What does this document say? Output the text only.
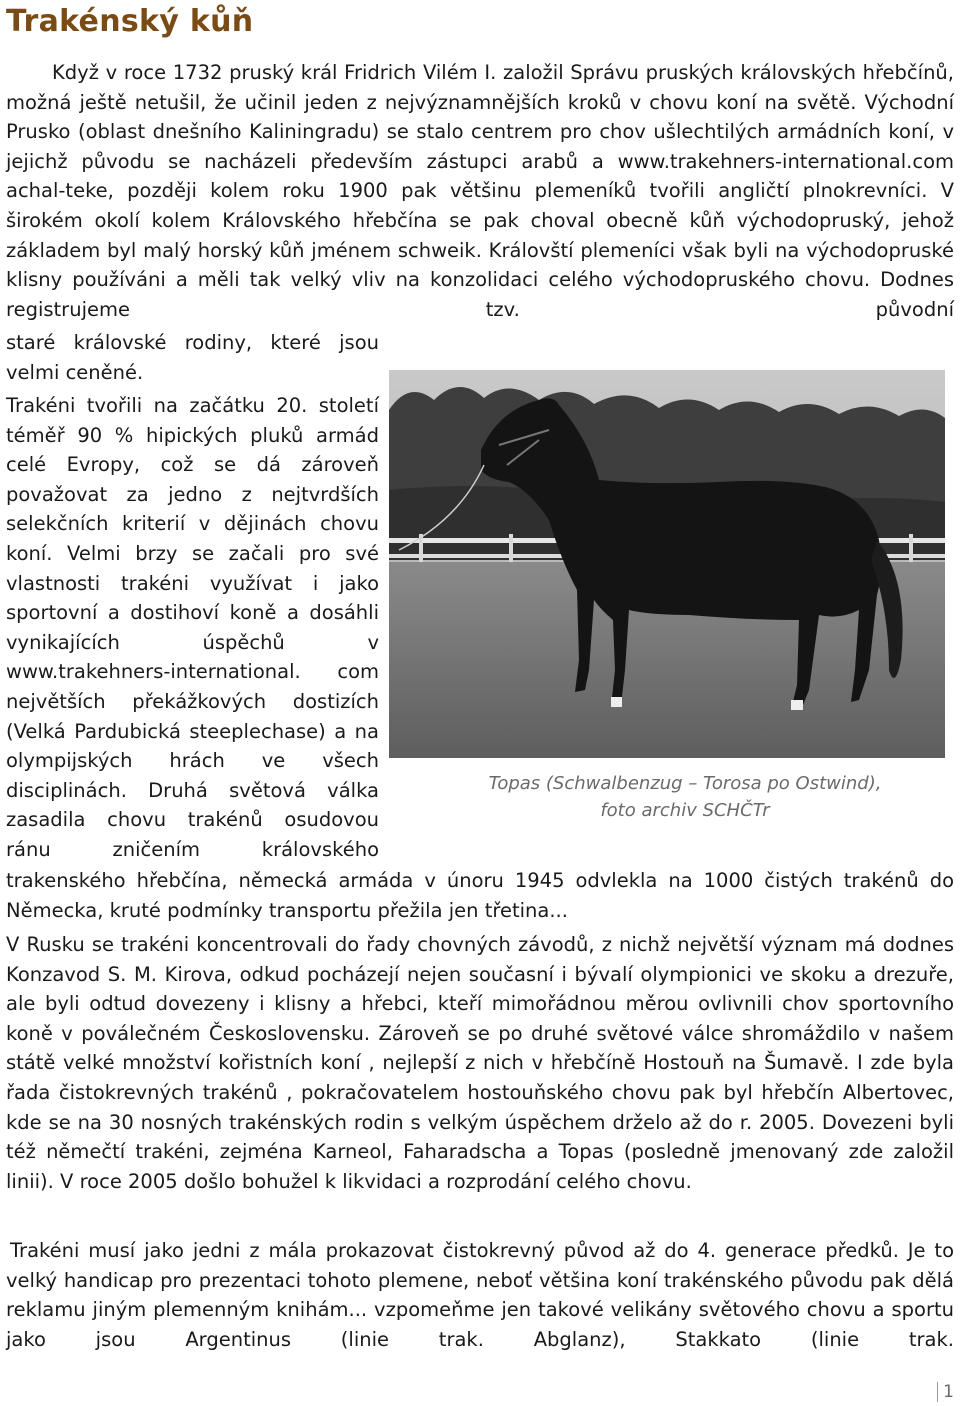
Trakénský kůň

Když v roce 1732 pruský král Fridrich Vilém I. založil Správu pruských královských hřebčínů, možná ještě netušil, že učinil jeden z nejvýznamnějších kroků v chovu koní na světě. Východní Prusko (oblast dnešního Kaliningradu) se stalo centrem pro chov ušlechtilých armádních koní, v jejichž původu se nacházeli především zástupci arabů a www.trakehners-international.com achal-teke, později kolem roku 1900 pak většinu plemeníků tvořili angličtí plnokrevníci. V širokém okolí kolem Královského hřebčína se pak choval obecně kůň východopruský, jehož základem byl malý horský kůň jménem schweik. Královští plemeníci však byli na východopruské klisny používáni a měli tak velký vliv na konzolidaci celého východopruského chovu. Dodnes registrujeme tzv. původní

staré královské rodiny, které jsou velmi ceněné.

Trakéni tvořili na začátku 20. století téměř 90 % hipických pluků armád celé Evropy, což se dá zároveň považovat za jedno z nejtvrdších selekčních kriterií v dějinách chovu koní. Velmi brzy se začali pro své vlastnosti trakéni využívat i jako sportovní a dostihoví koně a dosáhli vynikajících úspěchů v www.trakehners-international. com největších překážkových dostizích (Velká Pardubická steeplechase) a na olympijských hrách ve všech disciplinách. Druhá světová válka zasadila chovu trakénů osudovou ránu zničením královského

trakenského hřebčína, německá armáda v únoru 1945 odvlekla na 1000 čistých trakénů do Německa, kruté podmínky transportu přežila jen třetina...

V Rusku se trakéni koncentrovali do řady chovných závodů, z nichž největší význam má dodnes Konzavod S. M. Kirova, odkud pocházejí nejen současní i bývalí olympionici ve skoku a drezuře, ale byli odtud dovezeny i klisny a hřebci, kteří mimořádnou měrou ovlivnili chov sportovního koně v poválečném Československu. Zároveň se po druhé světové válce shromáždilo v našem státě velké množství kořistních koní , nejlepší z nich v hřebčíně Hostouň na Šumavě. I zde byla řada čistokrevných trakénů , pokračovatelem hostouňského chovu pak byl hřebčín Albertovec, kde se na 30 nosných trakénských rodin s velkým úspěchem drželo až do r. 2005. Dovezeni byli též němečtí trakéni, zejména Karneol, Faharadscha a Topas (posledně jmenovaný zde založil linii). V roce 2005 došlo bohužel k likvidaci a rozprodání celého chovu.

Trakéni musí jako jedni z mála prokazovat čistokrevný původ až do 4. generace předků. Je to velký handicap pro prezentaci tohoto plemene, neboť většina koní trakénského původu pak dělá reklamu jiným plemenným knihám... vzpomeňme jen takové velikány světového chovu a sportu jako jsou Argentinus (linie trak. Abglanz), Stakkato (linie trak.

Topas (Schwalbenzug – Torosa po Ostwind),
foto archiv SCHČTr
1
